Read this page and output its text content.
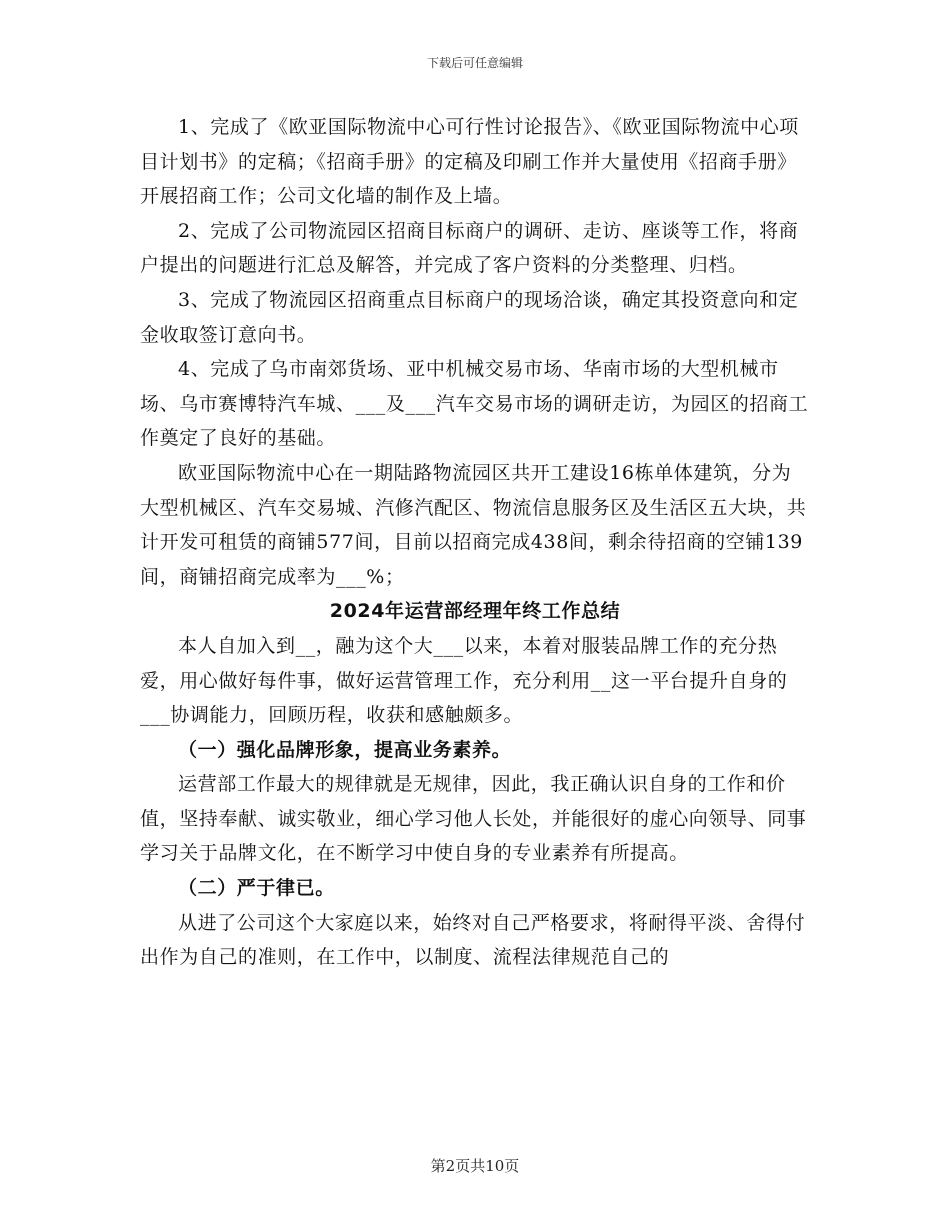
下载后可任意编辑

1、完成了《欧亚国际物流中心可行性讨论报告》、《欧亚国际物流中心项目计划书》的定稿；《招商手册》的定稿及印刷工作并大量使用《招商手册》开展招商工作；公司文化墙的制作及上墙。

2、完成了公司物流园区招商目标商户的调研、走访、座谈等工作，将商户提出的问题进行汇总及解答，并完成了客户资料的分类整理、归档。

3、完成了物流园区招商重点目标商户的现场洽谈，确定其投资意向和定金收取签订意向书。

4、完成了乌市南郊货场、亚中机械交易市场、华南市场的大型机械市场、乌市赛博特汽车城、___及___汽车交易市场的调研走访，为园区的招商工作奠定了良好的基础。

欧亚国际物流中心在一期陆路物流园区共开工建设16栋单体建筑，分为大型机械区、汽车交易城、汽修汽配区、物流信息服务区及生活区五大块，共计开发可租赁的商铺577间，目前以招商完成438间，剩余待招商的空铺139间，商铺招商完成率为___%；

2024年运营部经理年终工作总结

本人自加入到__，融为这个大___以来，本着对服装品牌工作的充分热爱，用心做好每件事，做好运营管理工作，充分利用__这一平台提升自身的___协调能力，回顾历程，收获和感触颇多。

（一）强化品牌形象，提高业务素养。

运营部工作最大的规律就是无规律，因此，我正确认识自身的工作和价值，坚持奉献、诚实敬业，细心学习他人长处，并能很好的虚心向领导、同事学习关于品牌文化，在不断学习中使自身的专业素养有所提高。

（二）严于律已。

从进了公司这个大家庭以来，始终对自己严格要求，将耐得平淡、舍得付出作为自己的准则，在工作中，以制度、流程法律规范自己的

第2页共10页
